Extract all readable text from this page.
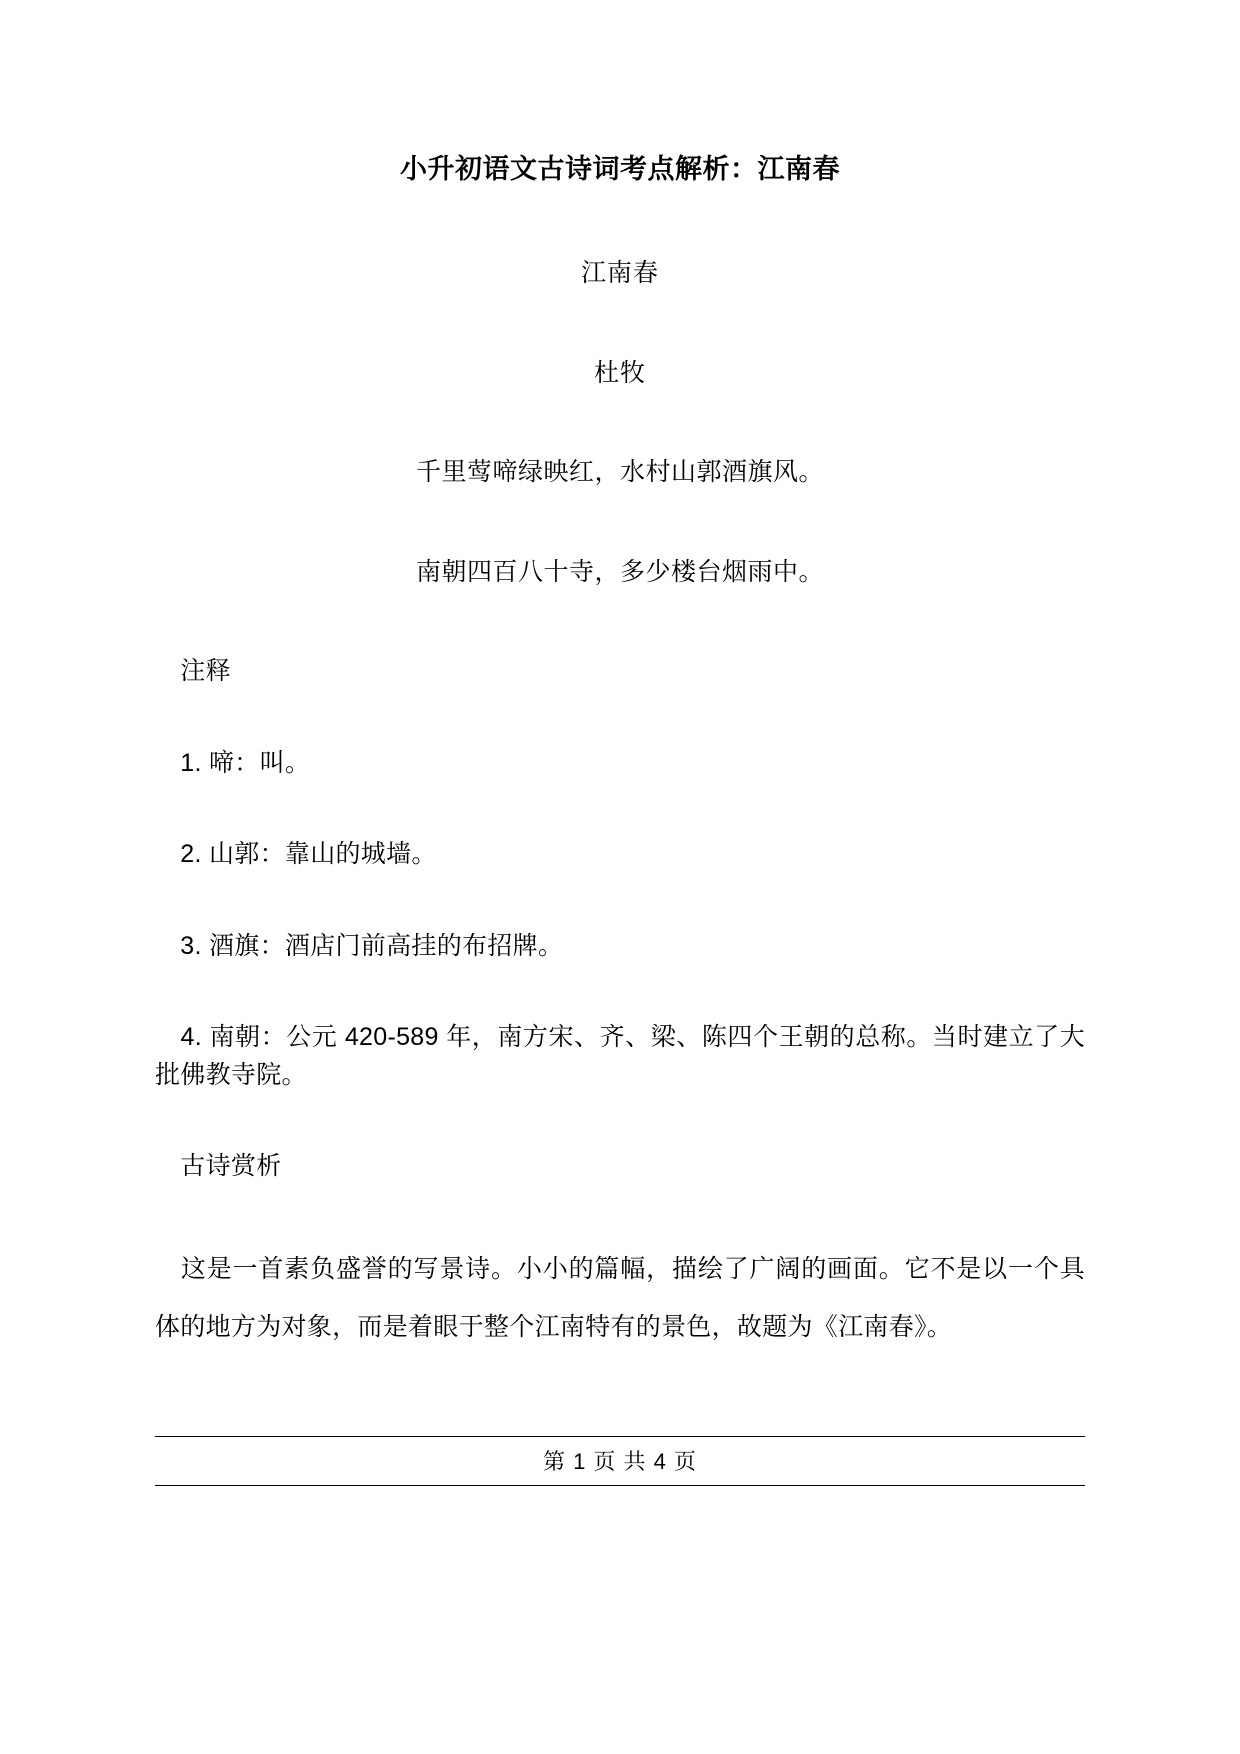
小升初语文古诗词考点解析：江南春

江南春

杜牧

千里莺啼绿映红，水村山郭酒旗风。

南朝四百八十寺，多少楼台烟雨中。

　注释

　1. 啼：叫。

　2. 山郭：靠山的城墙。

　3. 酒旗：酒店门前高挂的布招牌。

　4. 南朝：公元 420-589 年，南方宋、齐、梁、陈四个王朝的总称。当时建立了大批佛教寺院。

　古诗赏析

　这是一首素负盛誉的写景诗。小小的篇幅，描绘了广阔的画面。它不是以一个具体的地方为对象，而是着眼于整个江南特有的景色，故题为《江南春》。

第 1 页 共 4 页
